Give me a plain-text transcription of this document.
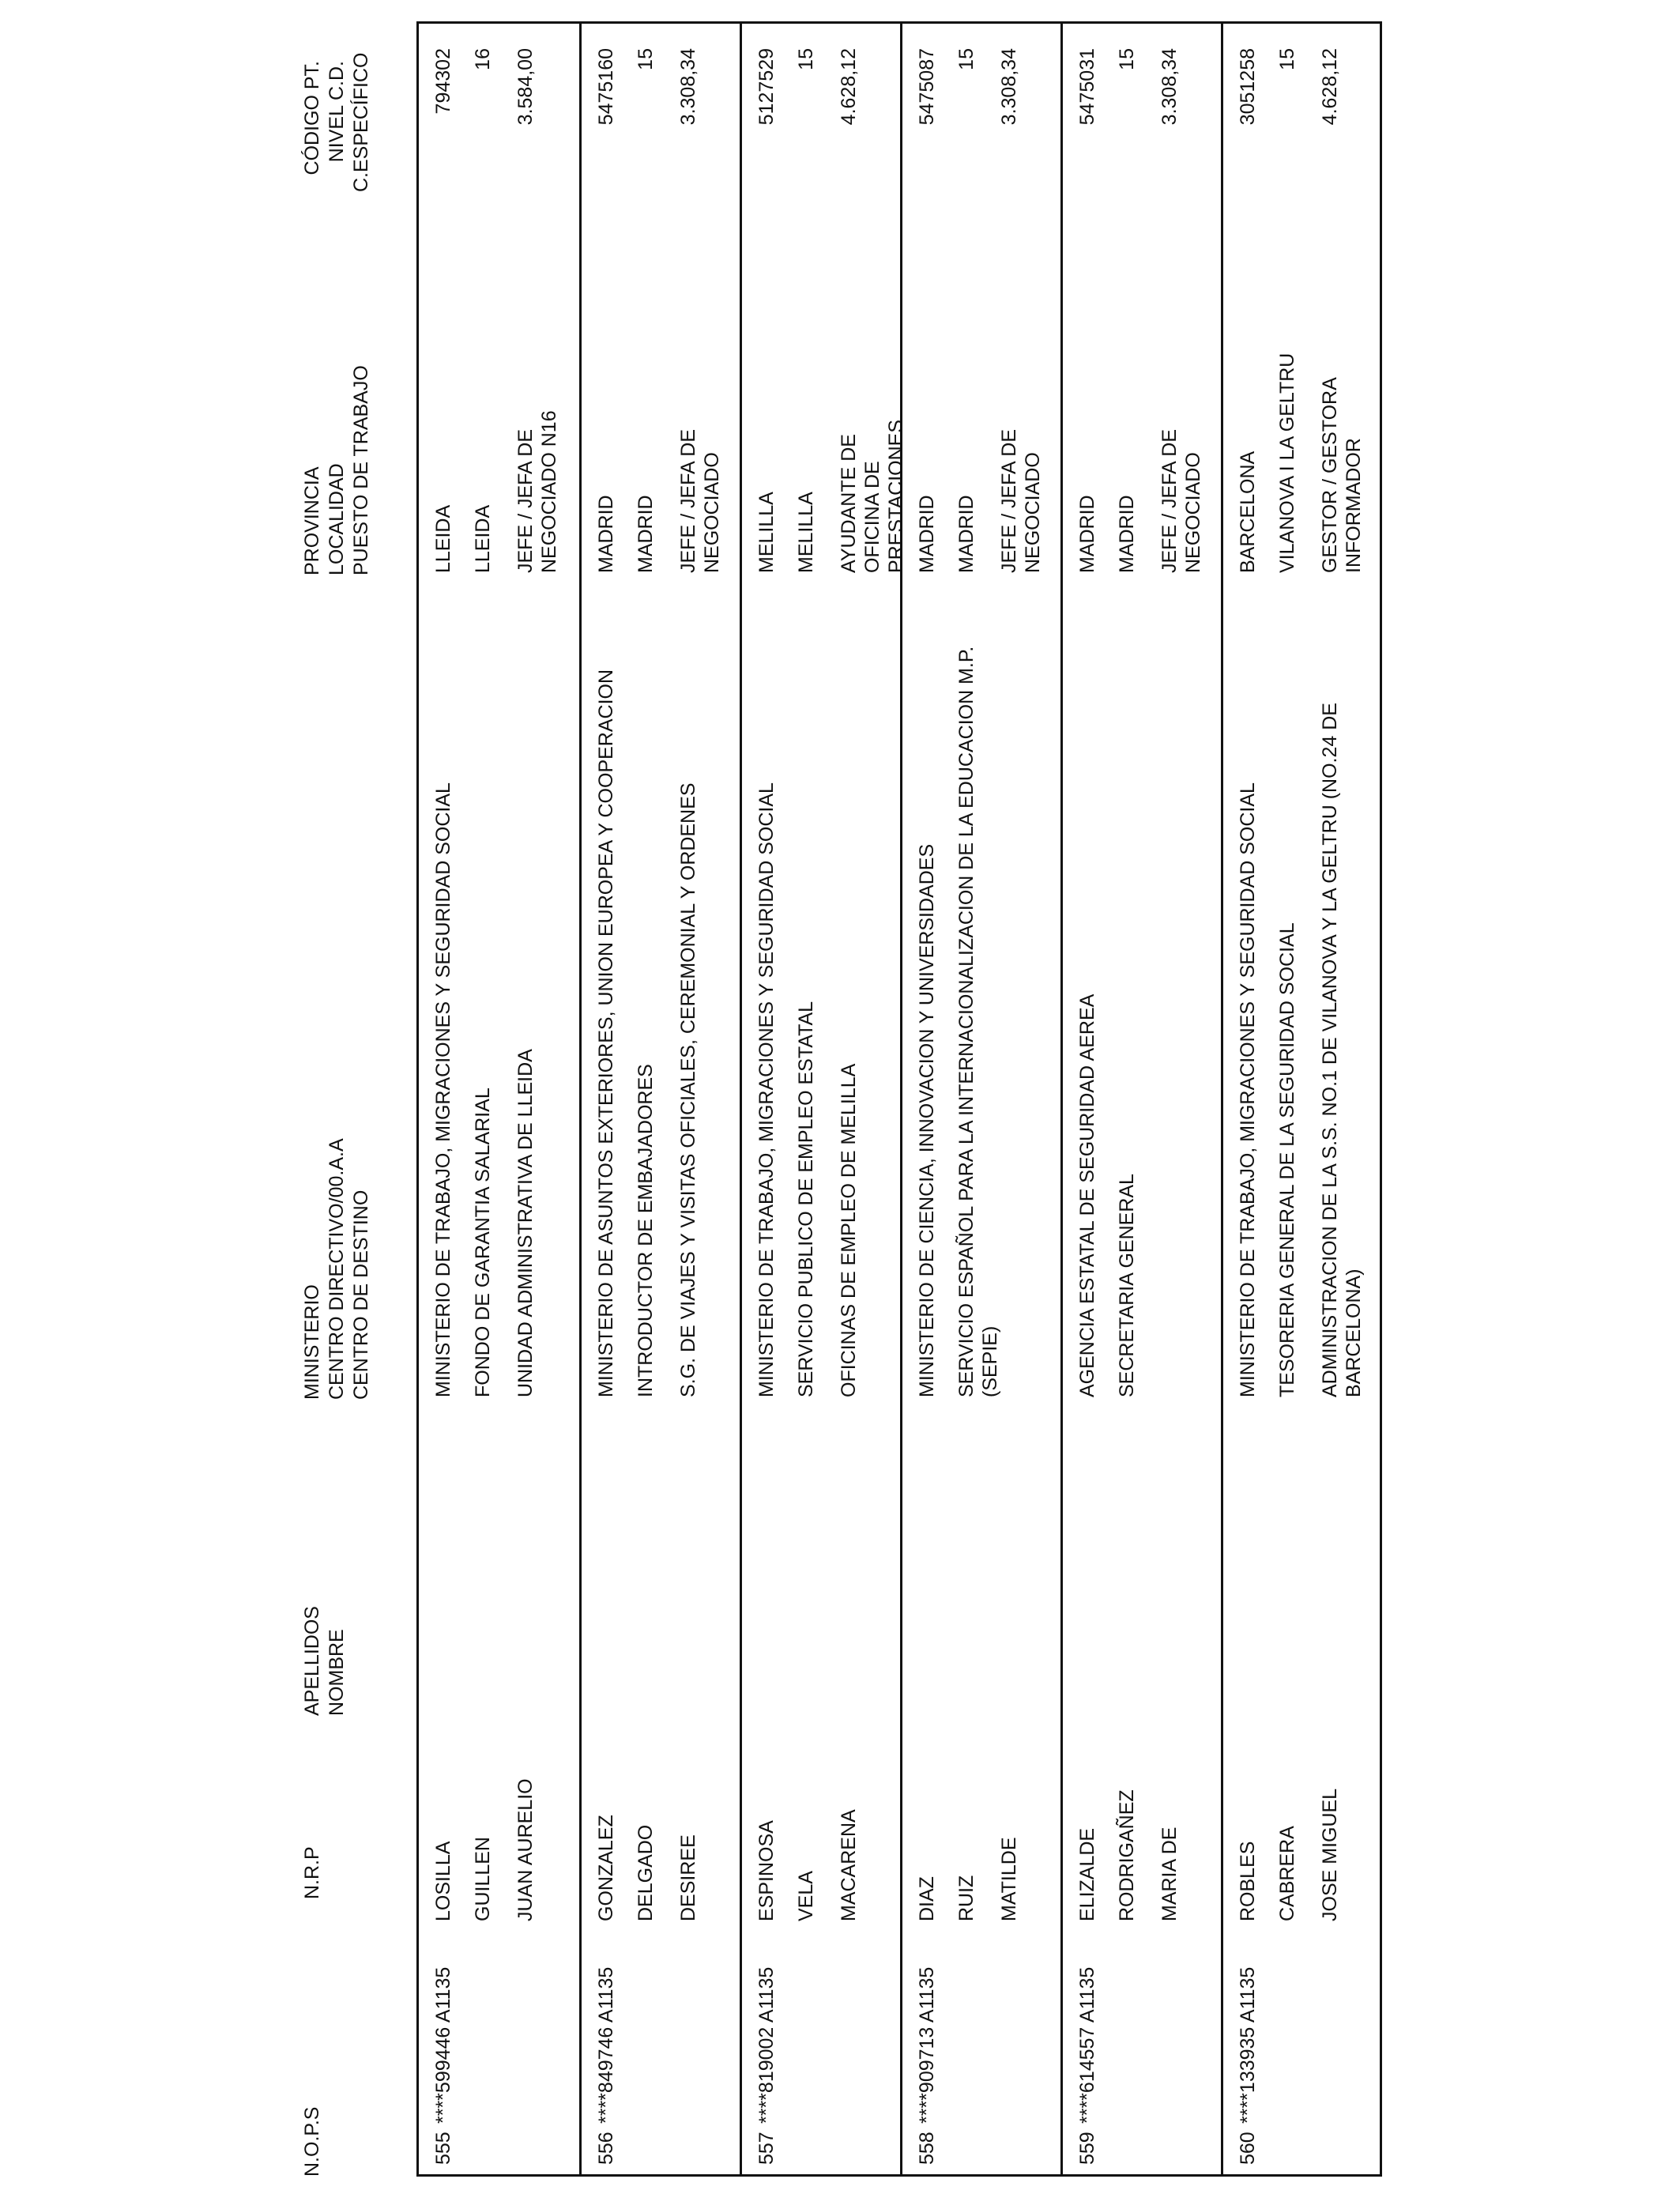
N.O.P.S
N.R.P
APELLIDOS NOMBRE
MINISTERIO CENTRO DIRECTIVO/00.A.A CENTRO DE DESTINO
PROVINCIA LOCALIDAD PUESTO DE TRABAJO
CÓDIGO PT. NIVEL C.D. C.ESPECÍFICO
555
****599446 A1135
LOSILLA GUILLEN JUAN AURELIO
MINISTERIO DE TRABAJO, MIGRACIONES Y SEGURIDAD SOCIAL FONDO DE GARANTIA SALARIAL UNIDAD ADMINISTRATIVA DE LLEIDA
LLEIDA LLEIDA JEFE / JEFA DE NEGOCIADO N16
794302 16 3.584,00
556
****849746 A1135
GONZALEZ DELGADO DESIREE
MINISTERIO DE ASUNTOS EXTERIORES, UNION EUROPEA Y COOPERACION INTRODUCTOR DE EMBAJADORES S.G. DE VIAJES Y VISITAS OFICIALES, CEREMONIAL Y ORDENES
MADRID MADRID JEFE / JEFA DE NEGOCIADO
5475160 15 3.308,34
557
****819002 A1135
ESPINOSA VELA MACARENA
MINISTERIO DE TRABAJO, MIGRACIONES Y SEGURIDAD SOCIAL SERVICIO PUBLICO DE EMPLEO ESTATAL OFICINAS DE EMPLEO DE MELILLA
MELILLA MELILLA AYUDANTE DE OFICINA DE PRESTACIONES
5127529 15 4.628,12
558
****909713 A1135
DIAZ RUIZ MATILDE
MINISTERIO DE CIENCIA, INNOVACION Y UNIVERSIDADES SERVICIO ESPAÑOL PARA LA INTERNACIONALIZACION DE LA EDUCACION M.P. (SEPIE)
MADRID MADRID JEFE / JEFA DE NEGOCIADO
5475087 15 3.308,34
559
****614557 A1135
ELIZALDE RODRIGAÑEZ MARIA DE
AGENCIA ESTATAL DE SEGURIDAD AEREA SECRETARIA GENERAL
MADRID MADRID JEFE / JEFA DE NEGOCIADO
5475031 15 3.308,34
560
****133935 A1135
ROBLES CABRERA JOSE MIGUEL
MINISTERIO DE TRABAJO, MIGRACIONES Y SEGURIDAD SOCIAL TESORERIA GENERAL DE LA SEGURIDAD SOCIAL ADMINISTRACION DE LA S.S. NO.1 DE VILANOVA Y LA GELTRU (NO.24 DE BARCELONA)
BARCELONA VILANOVA I LA GELTRU GESTOR / GESTORA INFORMADOR
3051258 15 4.628,12
